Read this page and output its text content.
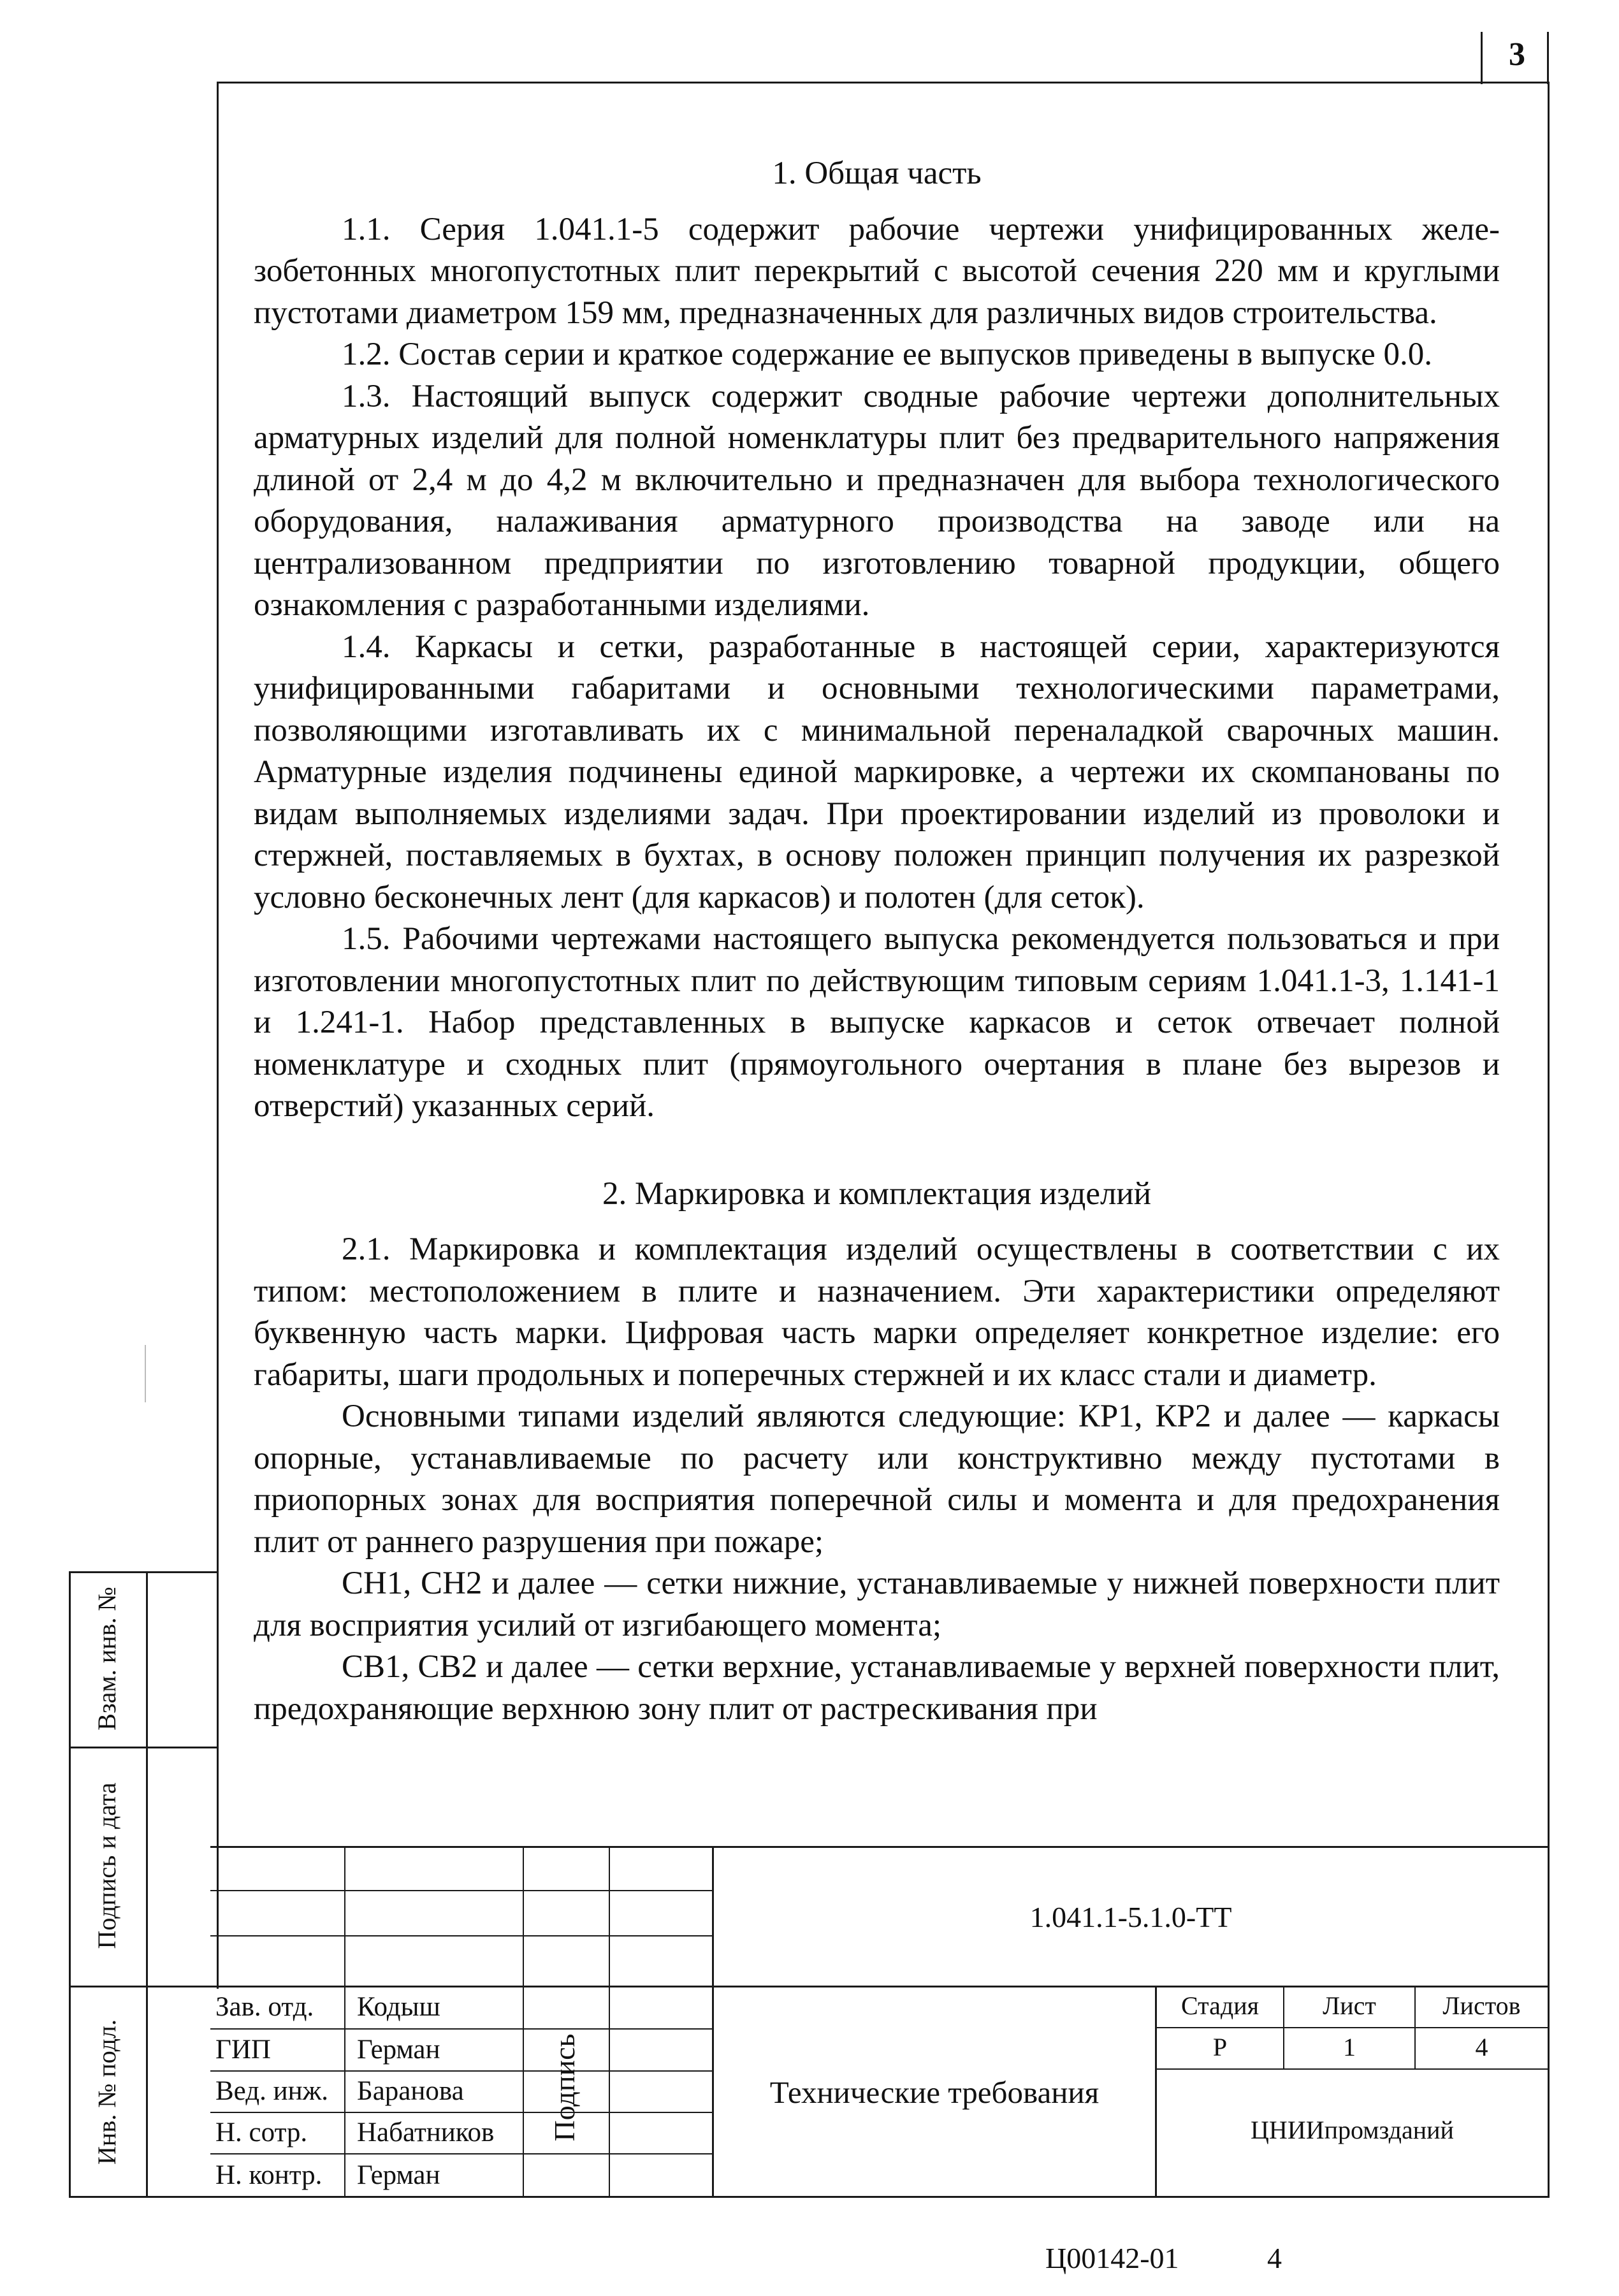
3
1. Общая часть

1.1. Серия 1.041.1-5 содержит рабочие чертежи унифицированных железобетонных многопустотных плит перекрытий с высотой сечения 220 мм и круглыми пустотами диаметром 159 мм, предназначенных для различных видов строительства.

1.2. Состав серии и краткое содержание ее выпусков приведены в выпуске 0.0.

1.3. Настоящий выпуск содержит сводные рабочие чертежи дополнительных арматурных изделий для полной номенклатуры плит без предварительного напряжения длиной от 2,4 м до 4,2 м включительно и предназначен для выбора технологического оборудования, налаживания арматурного производства на заводе или на централизованном предприятии по изготовлению товарной продукции, общего ознакомления с разработанными изделиями.

1.4. Каркасы и сетки, разработанные в настоящей серии, характеризуются унифицированными габаритами и основными технологическими параметрами, позволяющими изготавливать их с минимальной переналадкой сварочных машин. Арматурные изделия подчинены единой маркировке, а чертежи их скомпанованы по видам выполняемых изделиями задач. При проектировании изделий из проволоки и стержней, поставляемых в бухтах, в основу положен принцип получения их разрезкой условно бесконечных лент (для каркасов) и полотен (для сеток).

1.5. Рабочими чертежами настоящего выпуска рекомендуется пользоваться и при изготовлении многопустотных плит по действующим типовым сериям 1.041.1-3, 1.141-1 и 1.241-1. Набор представленных в выпуске каркасов и сеток отвечает полной номенклатуре и сходных плит (прямоугольного очертания в плане без вырезов и отверстий) указанных серий.

2. Маркировка и комплектация изделий

2.1. Маркировка и комплектация изделий осуществлены в соответствии с их типом: местоположением в плите и назначением. Эти характеристики определяют буквенную часть марки. Цифровая часть марки определяет конкретное изделие: его габариты, шаги продольных и поперечных стержней и их класс стали и диаметр.

Основными типами изделий являются следующие: КР1, КР2 и далее — каркасы опорные, устанавливаемые по расчету или конструктивно между пустотами в приопорных зонах для восприятия поперечной силы и момента и для предохранения плит от раннего разрушения при пожаре;

СН1, СН2 и далее — сетки нижние, устанавливаемые у нижней поверхности плит для восприятия усилий от изгибающего момента;

СВ1, СВ2 и далее — сетки верхние, устанавливаемые у верхней поверхности плит, предохраняющие верхнюю зону плит от растрескивания при

Взам. инв. №
Подпись и дата
Инв. № подл.
1.041.1-5.1.0-ТТ
Зав. отд. Кодыш
ГИП	Герман
Вед. инж. Баранова
Н. сотр. Набатников
Н. контр. Герман
Подпись	Технические требования
Стадия	Лист	Листов
Р	1	4
ЦНИИпромзданий
Ц00142-01	4
